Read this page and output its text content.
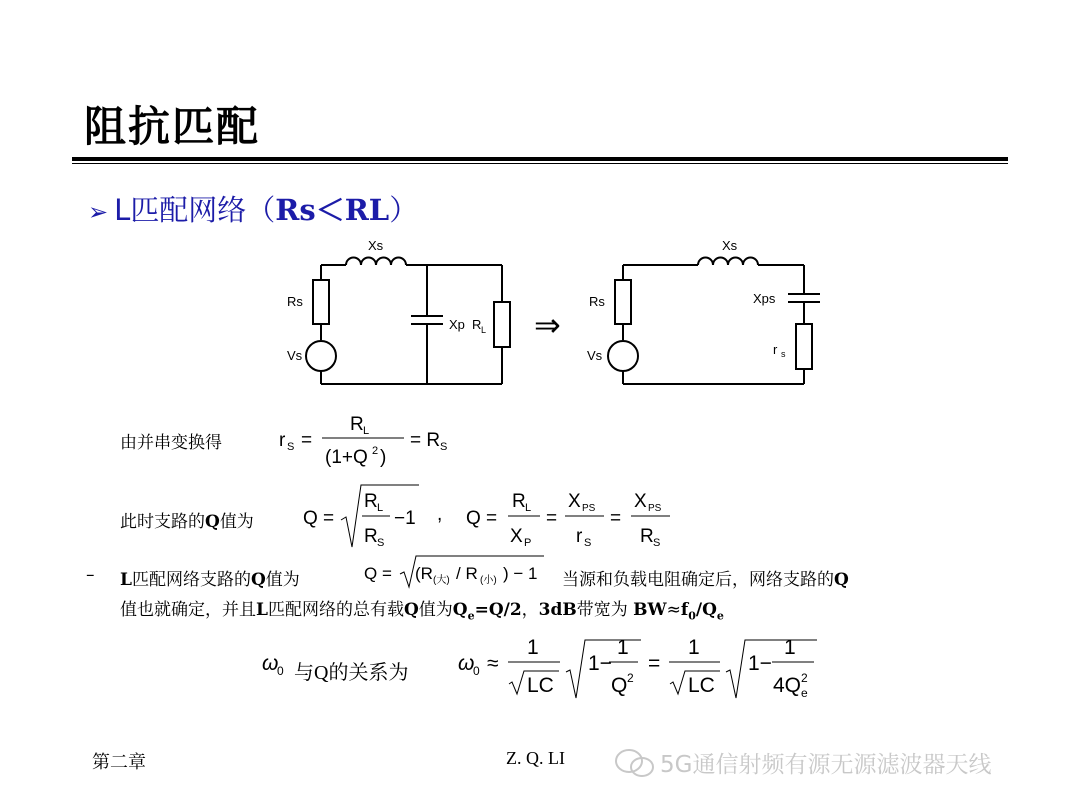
阻抗匹配
➢ L匹配网络（Rs＜RL）
Xs
Rs
Vs
Xp R L
Xs
Rs
Vs
Xps
r s
⇒
由并串变换得
此时支路的Q值为
– L匹配网络支路的Q值为	当源和负载电阻确定后，网络支路的Q
值也就确定，并且L匹配网络的总有载Q值为$Q_e=Q/2$，3dB带宽为 $BW\approx f_0/Q_e$
r S =
R L
(1+Q 2 )
= R S
Q =
R L
R S
−1 , Q =
R L
X P
=
X PS
r S
=
X PS
R S
Q = (R (大) / R (小) ) − 1
ω
0	ω
0 ≈
1
LC
1−
1
Q 2
=
1
LC
1−
1
4Q 2
e
与Q的关系为
第二章	Z. Q. LI	5G通信射频有源无源滤波器天线
